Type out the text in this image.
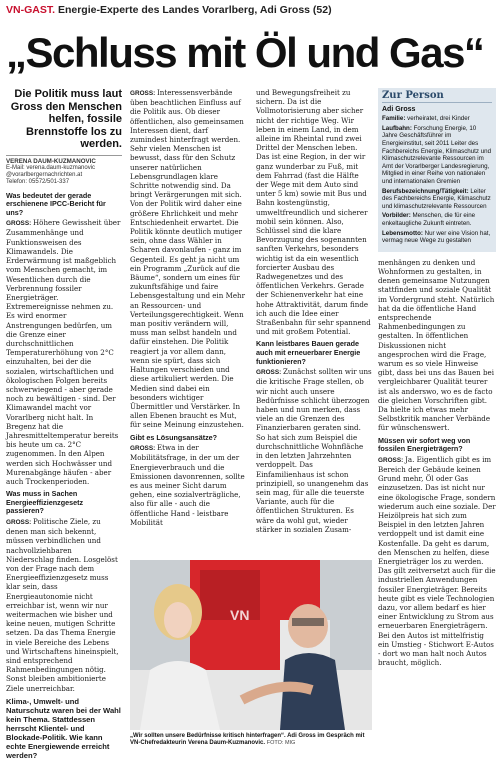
VN-GAST. Energie-Experte des Landes Vorarlberg, Adi Gross (52)
„Schluss mit Öl und Gas“
Die Politik muss laut Gross den Menschen helfen, fossile Brennstoffe los zu werden.
VERENA DAUM-KUZMANOVIC
E-Mail: verena.daum-kuzmanovic @vorarlbergernachrichten.at
Telefon: 05572/501-337
Was bedeutet der gerade erschienene IPCC-Bericht für uns?

GROSS: Höhere Gewissheit über Zusammenhänge und Funktionsweisen des Klimawandels. Die Erderwärmung ist maßgeblich vom Menschen gemacht, im Wesentlichen durch die Verbrennung fossiler Energieträger. Extremereignisse nehmen zu. Es wird enormer Anstrengungen bedürfen, um die Grenze einer durchschnittlichen Temperaturerhöhung von 2°C einzuhalten, bei der die sozialen, wirtschaftlichen und ökologischen Folgen bereits schwerwiegend - aber gerade noch zu bewältigen - sind. Der Klimawandel macht vor Vorarlberg nicht halt. In Bregenz hat die Jahresmitteltemperatur bereits bis heute um ca. 2°C zugenommen. In den Alpen werden sich Hochwässer und Murenabgänge häufen - aber auch Trockenperioden.

Was muss in Sachen Energieeffizienzgesetz passieren?

GROSS: Politische Ziele, zu denen man sich bekennt, müssen verbindlichen und nachvollziehbaren Niederschlag finden. Losgelöst von der Frage nach dem Energieeffizienzgesetz muss klar sein, dass Energieautonomie nicht erreichbar ist, wenn wir nur weitermachen wie bisher und keine neuen, mutigen Schritte setzen. Da das Thema Energie in viele Bereiche des Lebens und Wirtschaftens hineinspielt, sind entsprechend Rahmenbedingungen nötig. Sonst bleiben ambitionierte Ziele unerreichbar.

Klima-, Umwelt- und Naturschutz waren bei der Wahl kein Thema. Stattdessen herrscht Klientel- und Blockade-Politik. Wie kann echte Energiewende erreicht werden?

GROSS: Interessensverbände üben beachtlichen Einfluss auf die Politik aus. Ob dieser öffentlichen, also gemeinsamen Interessen dient, darf zumindest hinterfragt werden. Sehr vielen Menschen ist bewusst, dass für den Schutz unserer natürlichen Lebensgrundlagen klare Schritte notwendig sind. Da bringt Verärgerungen mit sich. Von der Politik wird daher eine größere Ehrlichkeit und mehr Entschiedenheit erwartet. Die Politik könnte deutlich mutiger sein, ohne dass Wähler in Scharen davonlaufen - ganz im Gegenteil. Es geht ja nicht um ein Programm „Zurück auf die Bäume“, sondern um eines für zukunftsfähige und faire Lebensgestaltung und ein Mehr an Ressourcen- und Verteilungsgerechtigkeit. Wenn man positiv verändern will, muss man selbst handeln und dafür einstehen. Die Politik reagiert ja vor allem dann, wenn sie spürt, dass sich Haltungen verschieden und diese artikuliert werden. Die Medien sind dabei ein besonders wichtiger Übermittler und Verstärker. In allen Ebenen braucht es Mut, für seine Meinung einzustehen.

Gibt es Lösungsansätze?

GROSS: Etwa in der Mobilitätsfrage, in der um der Energieverbrauch und die Emissionen davonrennen, sollte es aus meiner Sicht darum gehen, eine sozialverträgliche, also für alle - auch die öffentliche Hand - leistbare Mobilität

und Bewegungsfreiheit zu sichern. Da ist die Vollmotorisierung aber sicher nicht der richtige Weg. Wir leben in einem Land, in dem alleine im Rheintal rund zwei Drittel der Menschen leben. Das ist eine Region, in der wir ganz wunderbar zu Fuß, mit dem Fahrrad (fast die Hälfte der Wege mit dem Auto sind unter 5 km) sowie mit Bus und Bahn kostengünstig, umweltfreundlich und sicherer mobil sein können. Also, Schlüssel sind die klare Bevorzugung des sogenannten sanften Verkehrs, besonders wichtig ist da ein wesentlich forcierter Ausbau des Radwegenetzes und des öffentlichen Verkehrs. Gerade der Schienenverkehr hat eine hohe Attraktivität, darum finde ich auch die Idee einer Straßenbahn für sehr spannend und mit großem Potential.

Kann leistbares Bauen gerade auch mit erneuerbarer Energie funktionieren?

GROSS: Zunächst sollten wir uns die kritische Frage stellen, ob wir nicht auch unsere Bedürfnisse schlicht überzogen haben und nun merken, dass viele an die Grenzen des Finanzierbaren geraten sind. So hat sich zum Beispiel die durchschnittliche Wohnfläche in den letzten Jahrzehnten verdoppelt. Das Einfamilienhaus ist schon prinzipiell, so unangenehm das sein mag, für alle die teuerste Variante, auch für die öffentlichen Strukturen. Es wäre da wohl gut, wieder stärker in sozialen Zusam-

Zur Person
Adi Gross
Familie: verheiratet, drei Kinder
Laufbahn: Forschung Energie, 10 Jahre Geschäftsführer im Energieinstitut, seit 2011 Leiter des Fachbereichs Energie, Klimaschutz und Klimaschutzrelevante Ressourcen im Amt der Vorarlberger Landesregierung, Mitglied in einer Reihe von nationalen und internationalen Gremien
Berufsbezeichnung/Tätigkeit: Leiter des Fachbereichs Energie, Klimaschutz und klimaschutzrelevante Ressourcen
Vorbilder: Menschen, die für eine enkeltaugliche Zukunft eintreten.
Lebensmotto: Nur wer eine Vision hat, vermag neue Wege zu gestalten

menhängen zu denken und Wohnformen zu gestalten, in denen gemeinsame Nutzungen stattfinden und soziale Qualität im Vordergrund steht. Natürlich hat da die öffentliche Hand entsprechende Rahmenbedingungen zu gestalten. In öffentlichen Diskussionen nicht angesprochen wird die Frage, warum es so viele Hinweise gibt, dass bei uns das Bauen bei vergleichbarer Qualität teurer ist als anderswo, wo es de facto die gleichen Vorschriften gibt. Da hielte ich etwas mehr Selbstkritik mancher Verbände für wünschenswert.

Müssen wir sofort weg von fossilen Energieträgern?

GROSS: Ja. Eigentlich gibt es im Bereich der Gebäude keinen Grund mehr, Öl oder Gas einzusetzen. Das ist nicht nur eine ökologische Frage, sondern wiederum auch eine soziale. Der Heizölpreis hat sich zum Beispiel in den letzten Jahren verdoppelt und ist damit eine Kostenfalle. Da geht es darum, den Menschen zu helfen, diese Energieträger los zu werden. Das gilt zeitversetzt auch für die industriellen Anwendungen fossiler Energieträger. Bereits heute gibt es viele Technologien dazu, vor allem bedarf es hier einer Entwicklung zu Strom aus erneuerbaren Energieträgern. Bei den Autos ist mittelfristig ein Umstieg - Stichwort E-Autos - dort wo man halt noch Autos braucht, möglich.

VN
„Wir sollten unsere Bedürfnisse kritisch hinterfragen“. Adi Gross im Gespräch mit VN-Chefredakteurin Verena Daum-Kuzmanovic. FOTO: MIG
